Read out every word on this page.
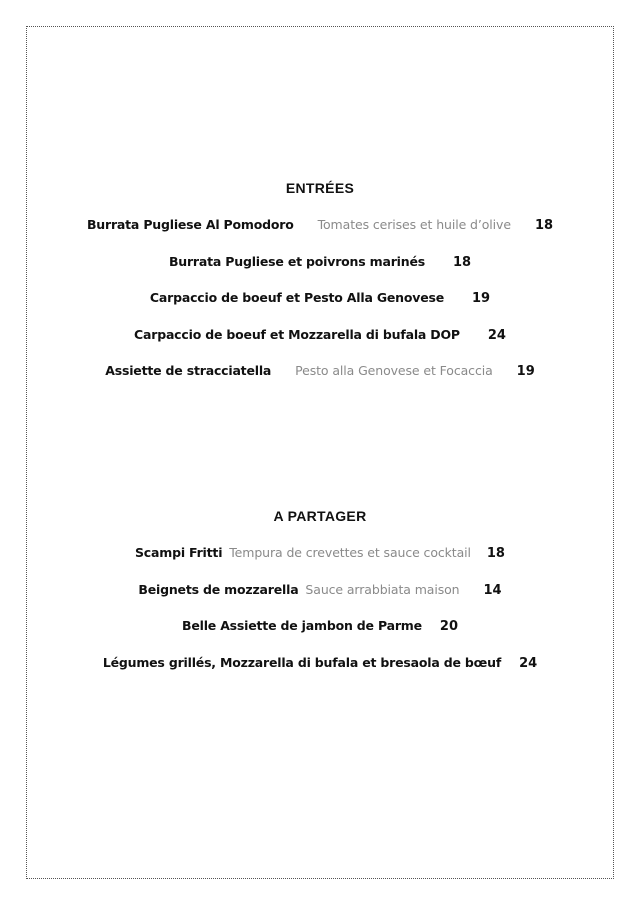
ENTRÉES
Burrata Pugliese Al Pomodoro Tomates cerises et huile d’olive 18
Burrata Pugliese et poivrons marinés 18
Carpaccio de boeuf et Pesto Alla Genovese 19
Carpaccio de boeuf et Mozzarella di bufala DOP 24
Assiette de stracciatella Pesto alla Genovese et Focaccia 19
A PARTAGER
Scampi Fritti Tempura de crevettes et sauce cocktail 18
Beignets de mozzarella Sauce arrabbiata maison 14
Belle Assiette de jambon de Parme 20
Légumes grillés, Mozzarella di bufala et bresaola de bœuf 24
